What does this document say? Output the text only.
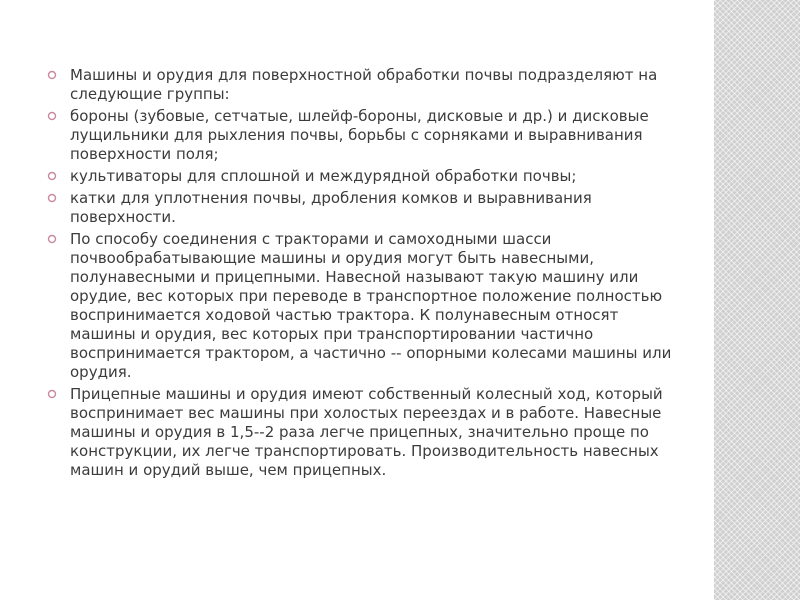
Машины и орудия для поверхностной обработки почвы подразделяют на следующие группы:
бороны (зубовые, сетчатые, шлейф-бороны, дисковые и др.) и дисковые лущильники для рыхления почвы, борьбы с сорняками и выравнивания поверхности поля;
культиваторы для сплошной и междурядной обработки почвы;
катки для уплотнения почвы, дробления комков и выравнивания поверхности.
По способу соединения с тракторами и самоходными шасси почвообрабатывающие машины и орудия могут быть навесными, полунавесными и прицепными. Навесной называют такую машину или орудие, вес которых при переводе в транспортное положение полностью воспринимается ходовой частью трактора. К полунавесным относят машины и орудия, вес которых при транспортировании частично воспринимается трактором, а частично -- опорными колесами машины или орудия.
Прицепные машины и орудия имеют собственный колесный ход, который воспринимает вес машины при холостых переездах и в работе. Навесные машины и орудия в 1,5--2 раза легче прицепных, значительно проще по конструкции, их легче транспортировать. Производительность навесных машин и орудий выше, чем прицепных.
